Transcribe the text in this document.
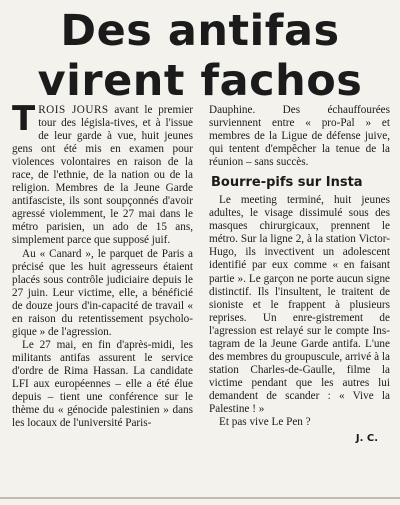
Des antifas
virent fachos

TROIS JOURS avant le premier tour des législa-tives, et à l'issue de leur garde à vue, huit jeunes gens ont été mis en examen pour violences volontaires en raison de la race, de l'ethnie, de la nation ou de la religion. Membres de la Jeune Garde antifasciste, ils sont soupçonnés d'avoir agressé violemment, le 27 mai dans le métro parisien, un ado de 15 ans, simplement parce que supposé juif.

Au « Canard », le parquet de Paris a précisé que les huit agresseurs étaient placés sous contrôle judiciaire depuis le 27 juin. Leur victime, elle, a bénéficié de douze jours d'in-capacité de travail « en raison du retentissement psycholo-gique » de l'agression.

Le 27 mai, en fin d'après-midi, les militants antifas assurent le service d'ordre de Rima Hassan. La candidate LFI aux européennes – elle a été élue depuis – tient une conférence sur le thème du « génocide palestinien » dans les locaux de l'université Paris-

Dauphine. Des échauffourées surviennent entre « pro-Pal » et membres de la Ligue de défense juive, qui tentent d'empêcher la tenue de la réunion – sans succès.

Bourre-pifs sur Insta

Le meeting terminé, huit jeunes adultes, le visage dissimulé sous des masques chirurgicaux, prennent le métro. Sur la ligne 2, à la station Victor-Hugo, ils invectivent un adolescent identifié par eux comme « en faisant partie ». Le garçon ne porte aucun signe distinctif. Ils l'insultent, le traitent de sioniste et le frappent à plusieurs reprises. Un enre-gistrement de l'agression est relayé sur le compte Ins-tagram de la Jeune Garde antifa. L'une des membres du groupuscule, arrivé à la station Charles-de-Gaulle, filme la victime pendant que les autres lui demandent de scander : « Vive la Palestine ! »

Et pas vive Le Pen ?

J. C.
